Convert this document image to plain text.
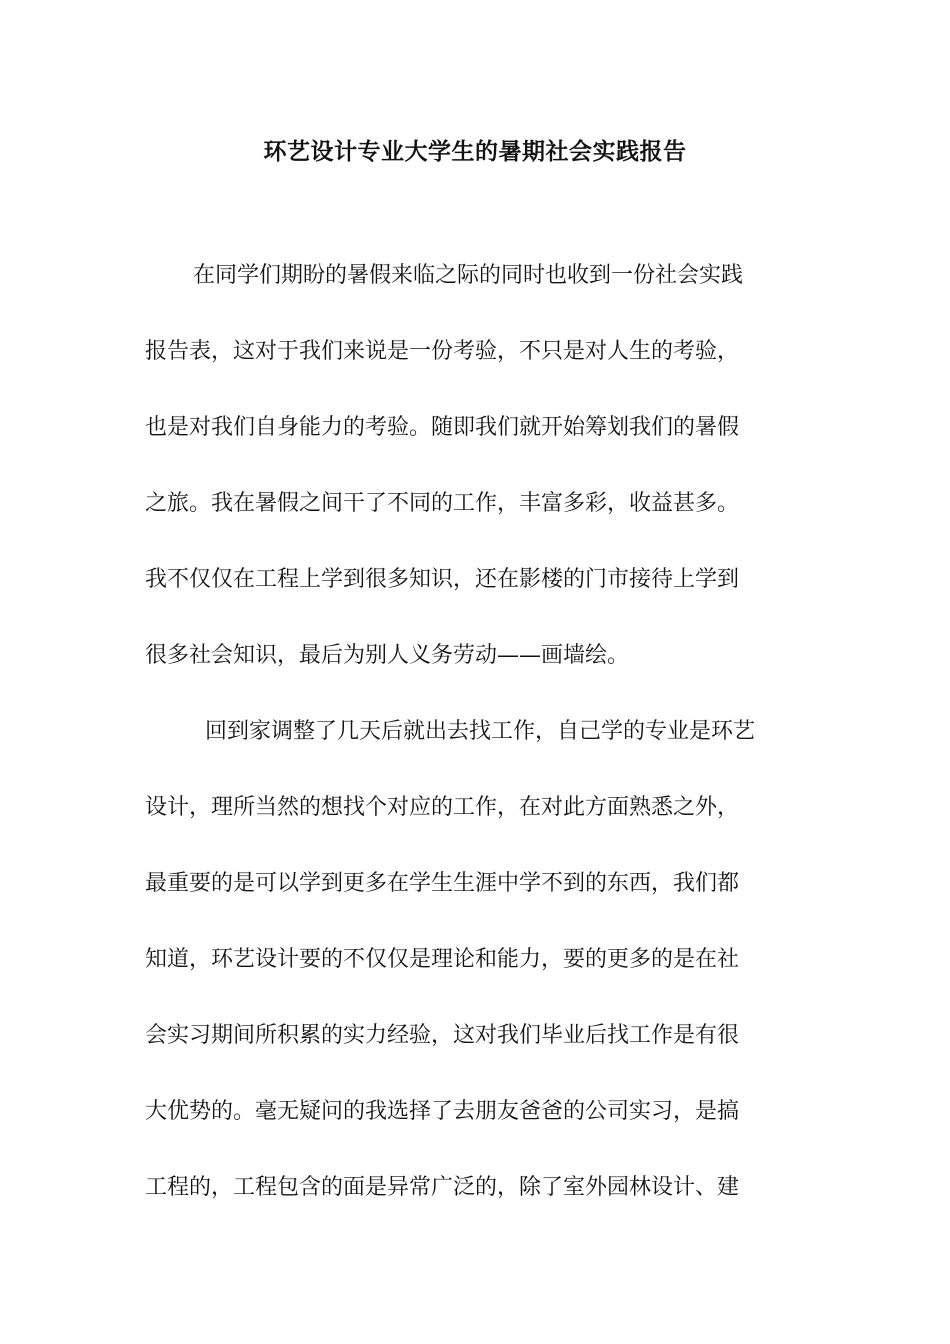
环艺设计专业大学生的暑期社会实践报告
在同学们期盼的暑假来临之际的同时也收到一份社会实践
报告表，这对于我们来说是一份考验，不只是对人生的考验，
也是对我们自身能力的考验。随即我们就开始筹划我们的暑假
之旅。我在暑假之间干了不同的工作，丰富多彩，收益甚多。
我不仅仅在工程上学到很多知识，还在影楼的门市接待上学到
很多社会知识，最后为别人义务劳动——画墙绘。
回到家调整了几天后就出去找工作，自己学的专业是环艺
设计，理所当然的想找个对应的工作，在对此方面熟悉之外，
最重要的是可以学到更多在学生生涯中学不到的东西，我们都
知道，环艺设计要的不仅仅是理论和能力，要的更多的是在社
会实习期间所积累的实力经验，这对我们毕业后找工作是有很
大优势的。毫无疑问的我选择了去朋友爸爸的公司实习，是搞
工程的，工程包含的面是异常广泛的，除了室外园林设计、建
